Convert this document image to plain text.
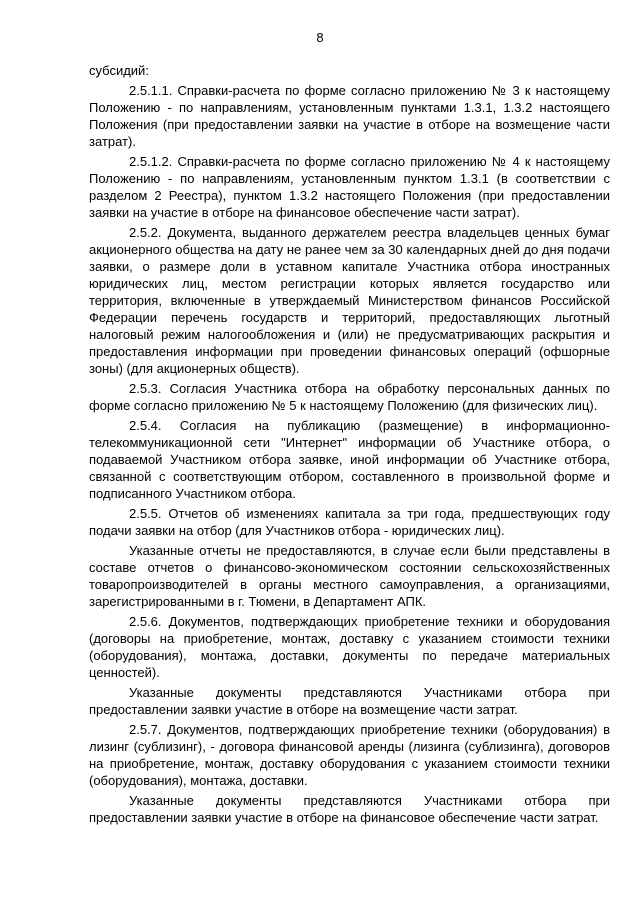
8

субсидий:

2.5.1.1. Справки-расчета по форме согласно приложению № 3 к настоящему Положению - по направлениям, установленным пунктами 1.3.1, 1.3.2 настоящего Положения (при предоставлении заявки на участие в отборе на возмещение части затрат).

2.5.1.2. Справки-расчета по форме согласно приложению № 4 к настоящему Положению - по направлениям, установленным пунктом 1.3.1 (в соответствии с разделом 2 Реестра), пунктом 1.3.2 настоящего Положения (при предоставлении заявки на участие в отборе на финансовое обеспечение части затрат).

2.5.2. Документа, выданного держателем реестра владельцев ценных бумаг акционерного общества на дату не ранее чем за 30 календарных дней до дня подачи заявки, о размере доли в уставном капитале Участника отбора иностранных юридических лиц, местом регистрации которых является государство или территория, включенные в утверждаемый Министерством финансов Российской Федерации перечень государств и территорий, предоставляющих льготный налоговый режим налогообложения и (или) не предусматривающих раскрытия и предоставления информации при проведении финансовых операций (офшорные зоны) (для акционерных обществ).

2.5.3. Согласия Участника отбора на обработку персональных данных по форме согласно приложению № 5 к настоящему Положению (для физических лиц).

2.5.4. Согласия на публикацию (размещение) в информационно-телекоммуникационной сети "Интернет" информации об Участнике отбора, о подаваемой Участником отбора заявке, иной информации об Участнике отбора, связанной с соответствующим отбором, составленного в произвольной форме и подписанного Участником отбора.

2.5.5. Отчетов об изменениях капитала за три года, предшествующих году подачи заявки на отбор (для Участников отбора - юридических лиц).

Указанные отчеты не предоставляются, в случае если были представлены в составе отчетов о финансово-экономическом состоянии сельскохозяйственных товаропроизводителей в органы местного самоуправления, а организациями, зарегистрированными в г. Тюмени, в Департамент АПК.

2.5.6. Документов, подтверждающих приобретение техники и оборудования (договоры на приобретение, монтаж, доставку с указанием стоимости техники (оборудования), монтажа, доставки, документы по передаче материальных ценностей).

Указанные документы представляются Участниками отбора при предоставлении заявки участие в отборе на возмещение части затрат.

2.5.7. Документов, подтверждающих приобретение техники (оборудования) в лизинг (сублизинг), - договора финансовой аренды (лизинга (сублизинга), договоров на приобретение, монтаж, доставку оборудования с указанием стоимости техники (оборудования), монтажа, доставки.

Указанные документы представляются Участниками отбора при предоставлении заявки участие в отборе на финансовое обеспечение части затрат.
